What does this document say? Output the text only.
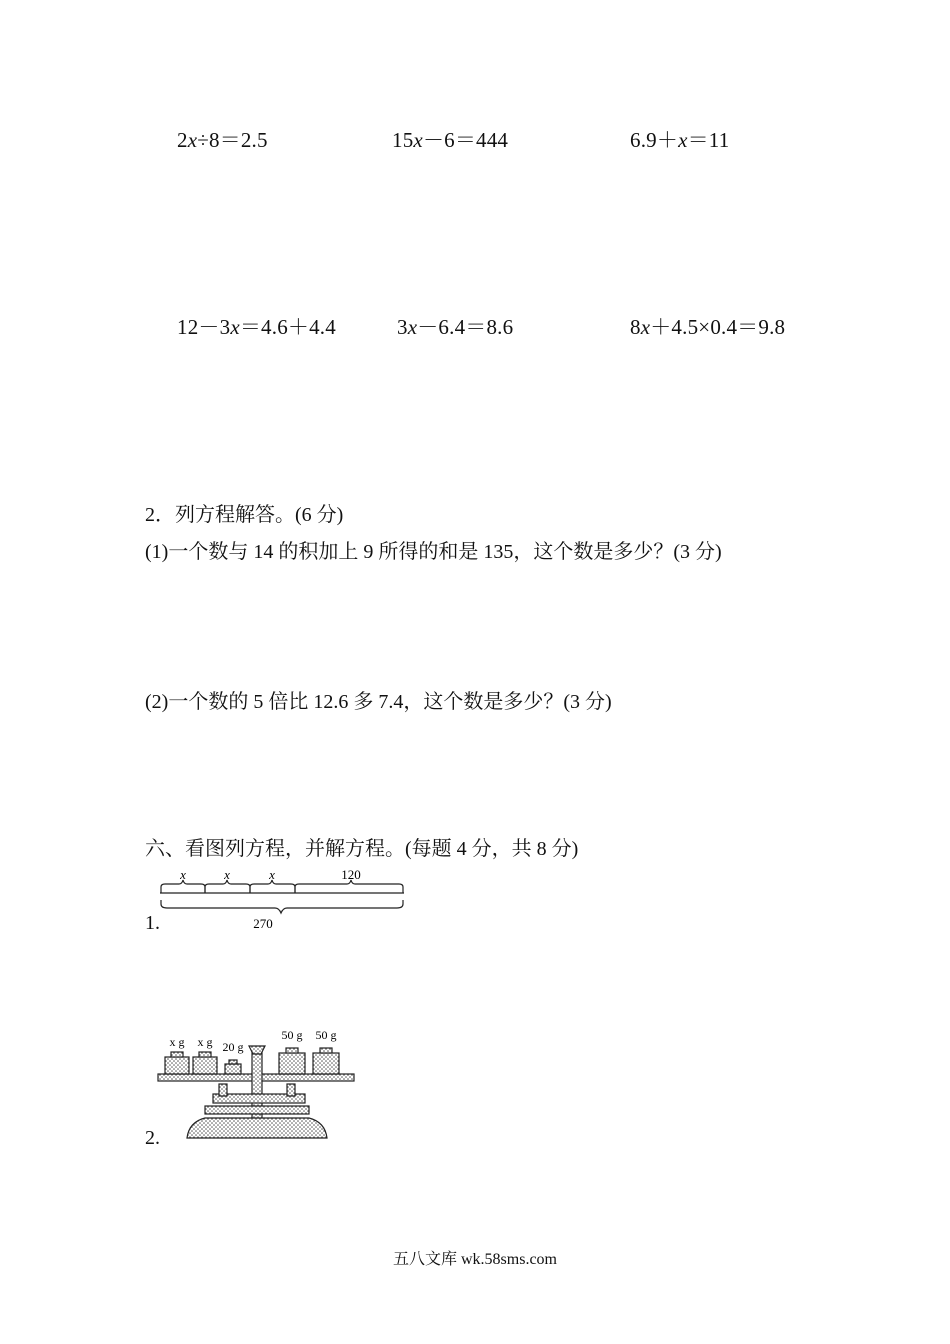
2x÷8＝2.5	15x－6＝444	6.9＋x＝11
12－3x＝4.6＋4.4	3x－6.4＝8.6	8x＋4.5×0.4＝9.8
2．列方程解答。(6 分)
(1)一个数与 14 的积加上 9 所得的和是 135，这个数是多少？(3 分)
(2)一个数的 5 倍比 12.6 多 7.4，这个数是多少？(3 分)
六、看图列方程，并解方程。(每题 4 分，共 8 分)
1.
x	x	x	120
270
2.
x g x g 20 g
50 g 50 g
五八文库 wk.58sms.com
